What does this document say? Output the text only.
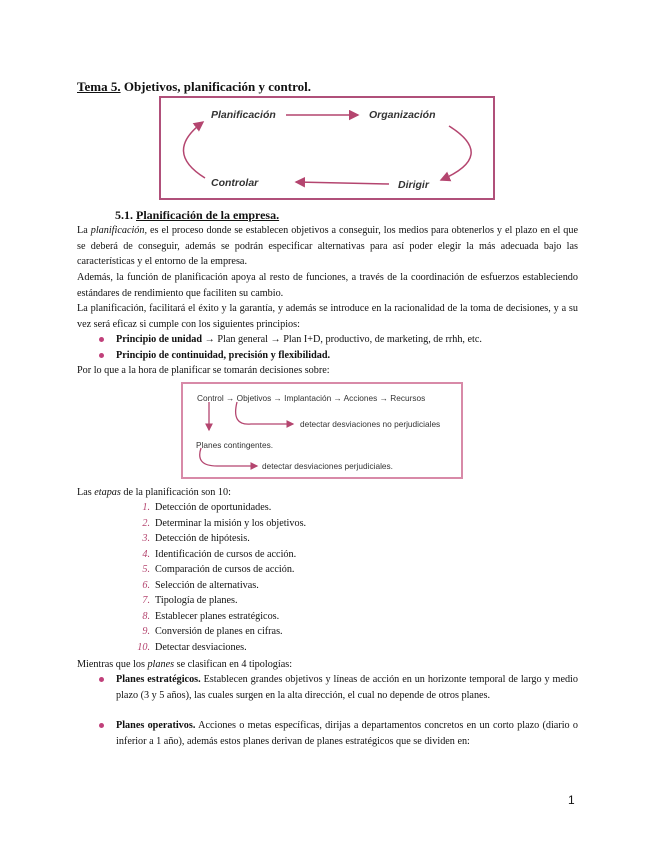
Tema 5. Objetivos, planificación y control.
Planificación	Organización
Dirigir
Controlar
5.1. Planificación de la empresa.
La planificación, es el proceso donde se establecen objetivos a conseguir, los medios para obtenerlos y el plazo en el que se deberá de conseguir, además se podrán especificar alternativas para así poder elegir la más adecuada bajo las características y el entorno de la empresa.
Además, la función de planificación apoya al resto de funciones, a través de la coordinación de esfuerzos estableciendo estándares de rendimiento que faciliten su cambio.
La planificación, facilitará el éxito y la garantía, y además se introduce en la racionalidad de la toma de decisiones, y a su vez será eficaz si cumple con los siguientes principios:
Principio de unidad → Plan general → Plan I+D, productivo, de marketing, de rrhh, etc.
Principio de continuidad, precisión y flexibilidad.
Por lo que a la hora de planificar se tomarán decisiones sobre:
Control → Objetivos → Implantación → Acciones → Recursos
detectar desviaciones no perjudiciales
Planes contingentes.
detectar desviaciones perjudiciales.
Las etapas de la planificación son 10:
1. Detección de oportunidades.
2. Determinar la misión y los objetivos.
3. Detección de hipótesis.
4. Identificación de cursos de acción.
5. Comparación de cursos de acción.
6. Selección de alternativas.
7. Tipología de planes.
8. Establecer planes estratégicos.
9. Conversión de planes en cifras.
10. Detectar desviaciones.
Mientras que los planes se clasifican en 4 tipologías:
Planes estratégicos. Establecen grandes objetivos y líneas de acción en un horizonte temporal de largo y medio plazo (3 y 5 años), las cuales surgen en la alta dirección, el cual no depende de otros planes.
Planes operativos. Acciones o metas específicas, dirijas a departamentos concretos en un corto plazo (diario o inferior a 1 año), además estos planes derivan de planes estratégicos que se dividen en:
1
